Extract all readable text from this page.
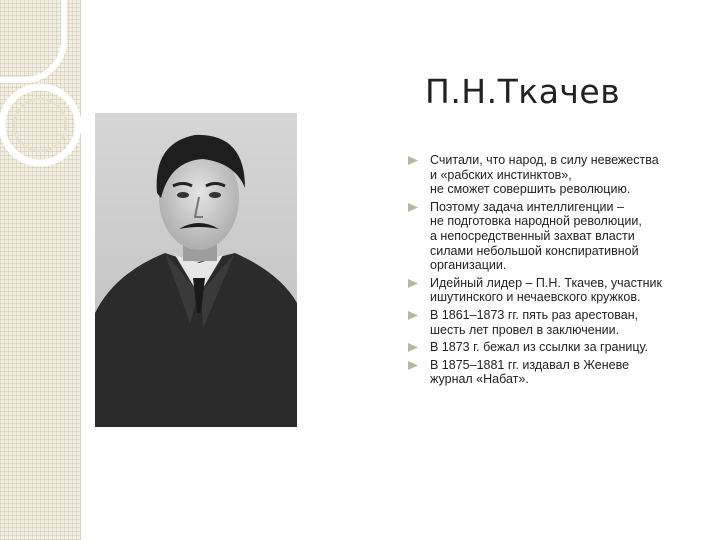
П.Н.Ткачев
Считали, что народ, в силу невежества
и «рабских инстинктов»,
не сможет совершить революцию.
Поэтому задача интеллигенции –
не подготовка народной революции,
а непосредственный захват власти
силами небольшой конспиративной
организации.
Идейный лидер – П.Н. Ткачев, участник
ишутинского и нечаевского кружков.
В 1861–1873 гг. пять раз арестован,
шесть лет провел в заключении.
В 1873 г. бежал из ссылки за границу.
В 1875–1881 гг. издавал в Женеве
журнал «Набат».
